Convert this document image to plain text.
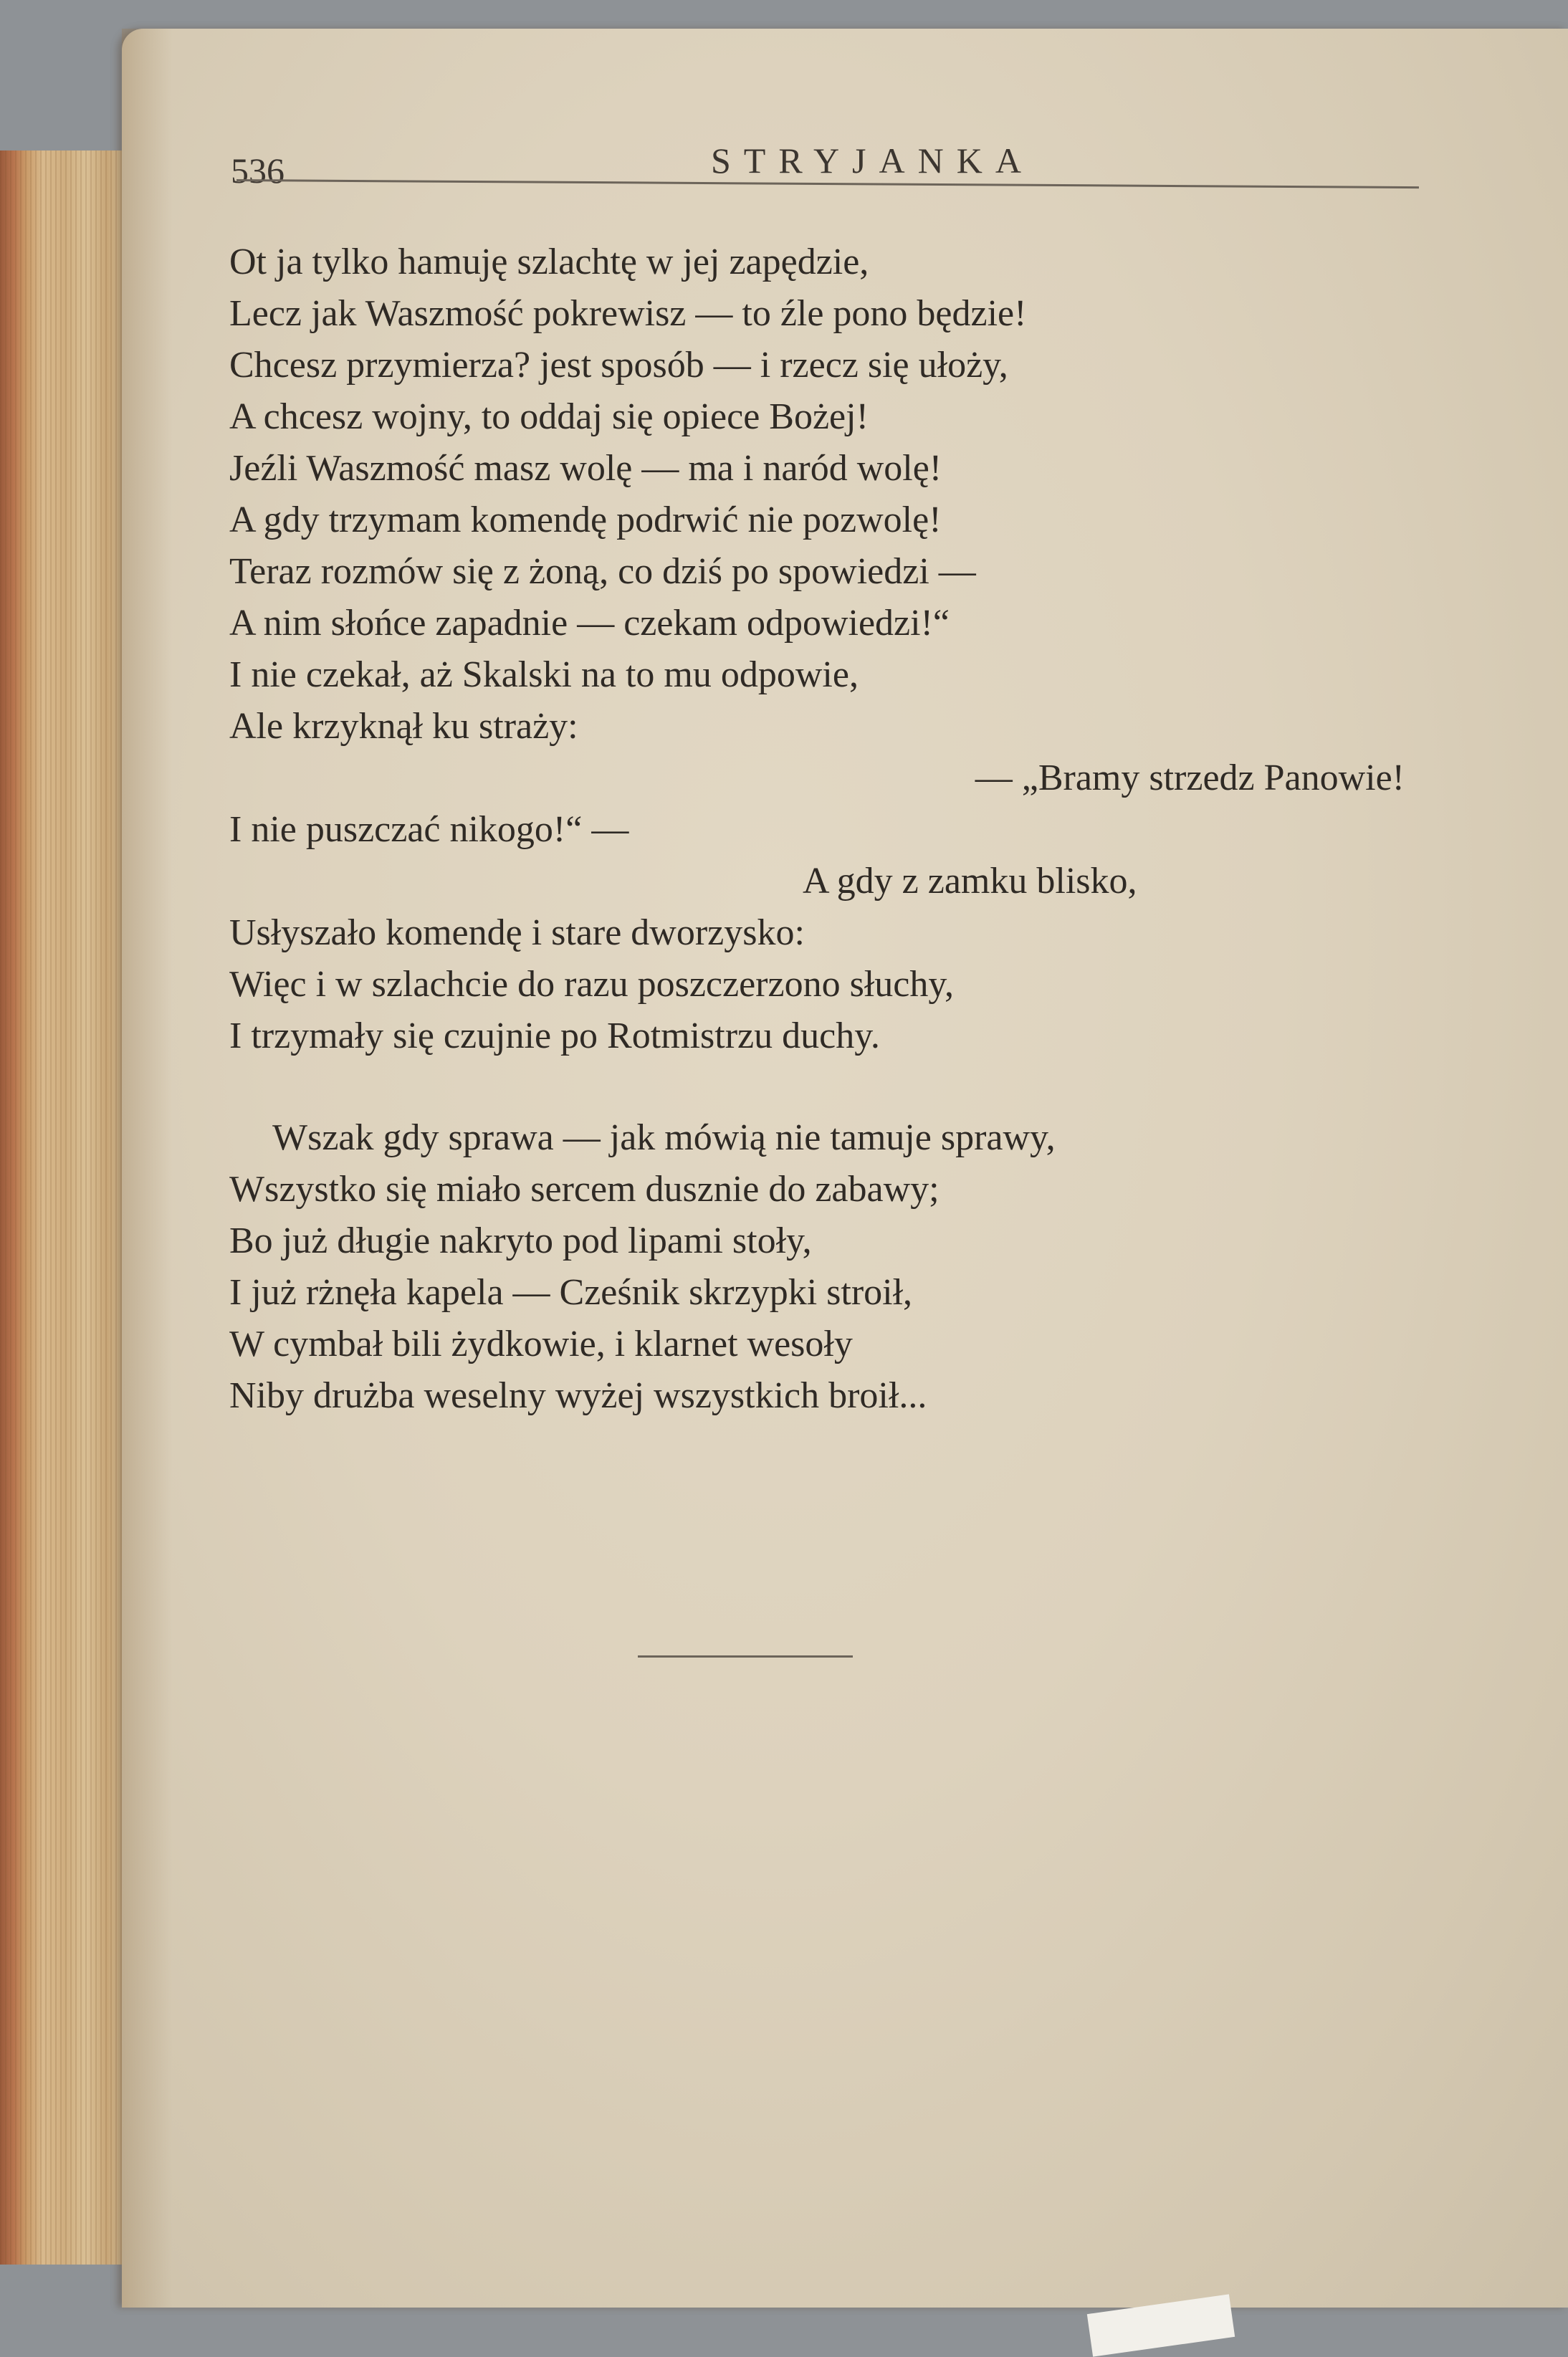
536	STRYJANKA
Ot ja tylko hamuję szlachtę w jej zapędzie,
Lecz jak Waszmość pokrewisz — to źle pono będzie!
Chcesz przymierza? jest sposób — i rzecz się ułoży,
A chcesz wojny, to oddaj się opiece Bożej!
Jeźli Waszmość masz wolę — ma i naród wolę!
A gdy trzymam komendę podrwić nie pozwolę!
Teraz rozmów się z żoną, co dziś po spowiedzi —
A nim słońce zapadnie — czekam odpowiedzi!“
I nie czekał, aż Skalski na to mu odpowie,
Ale krzyknął ku straży:
— „Bramy strzedz Panowie!
I nie puszczać nikogo!“ —
A gdy z zamku blisko,
Usłyszało komendę i stare dworzysko:
Więc i w szlachcie do razu poszczerzono słuchy,
I trzymały się czujnie po Rotmistrzu duchy.
Wszak gdy sprawa — jak mówią nie tamuje sprawy,
Wszystko się miało sercem dusznie do zabawy;
Bo już długie nakryto pod lipami stoły,
I już rżnęła kapela — Cześnik skrzypki stroił,
W cymbał bili żydkowie, i klarnet wesoły
Niby drużba weselny wyżej wszystkich broił...
